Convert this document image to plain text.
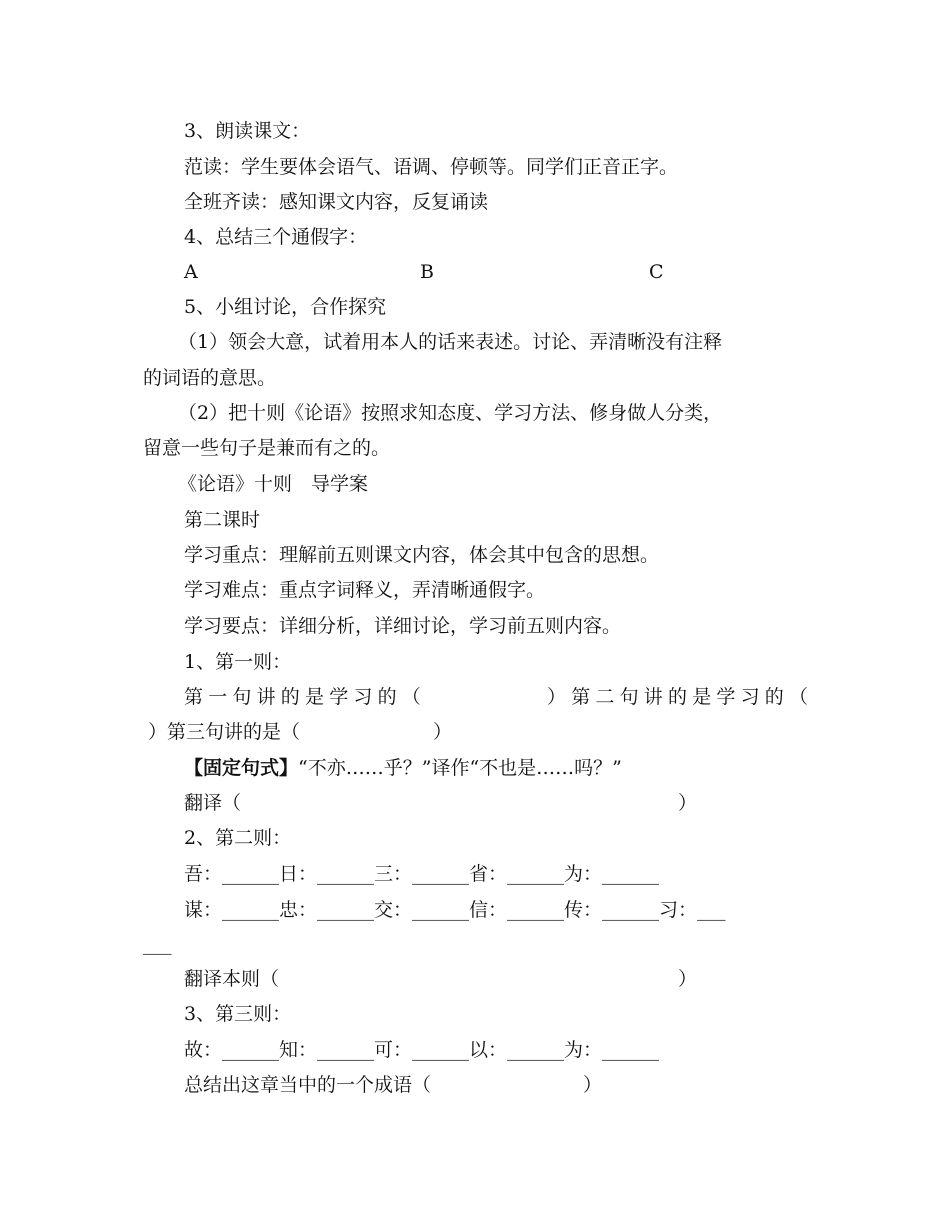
3、朗读课文：
范读：学生要体会语气、语调、停顿等。同学们正音正字。
全班齐读：感知课文内容，反复诵读
4、总结三个通假字：
A	B	C
5、小组讨论，合作探究
（1）领会大意，试着用本人的话来表述。讨论、弄清晰没有注释
的词语的意思。
（2）把十则《论语》按照求知态度、学习方法、修身做人分类，
留意一些句子是兼而有之的。
《论语》十则　导学案
第二课时
学习重点：理解前五则课文内容，体会其中包含的思想。
学习难点：重点字词释义，弄清晰通假字。
学习要点：详细分析，详细讨论，学习前五则内容。
1、第一则：
第一句讲的是学习的（　　　　　）第二句讲的是学习的（
）第三句讲的是（　　　　　　　）
【固定句式】“不亦……乎？”译作“不也是……吗？”
翻译（　　　　　　　　　　　　　　　　　　　　　　　）
2、第二则：
吾：______日：______三：______省：______为：______
谋：______忠：______交：______信：______传：______习：___
___
翻译本则（　　　　　　　　　　　　　　　　　　　　　）
3、第三则：
故：______知：______可：______以：______为：______
总结出这章当中的一个成语（　　　　　　　　）
